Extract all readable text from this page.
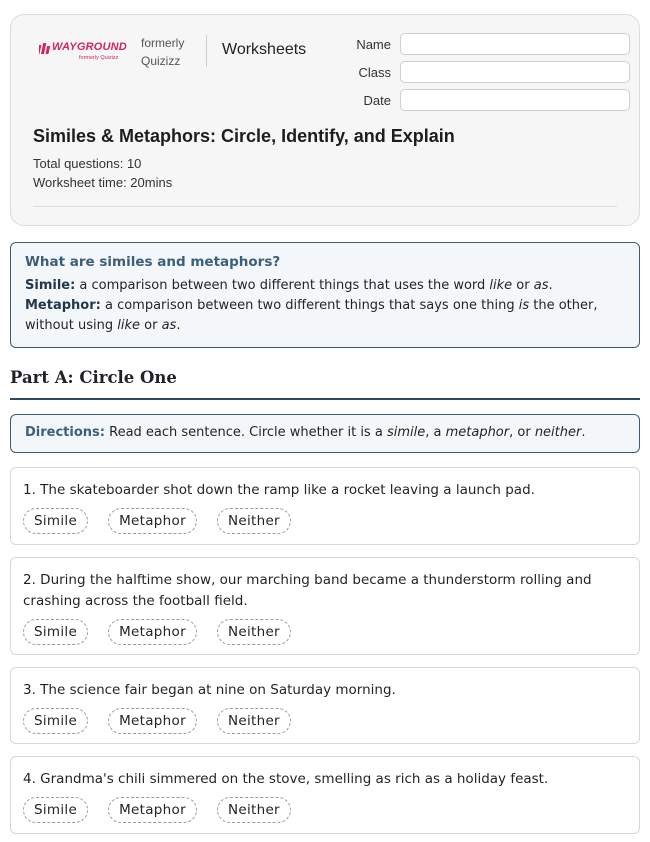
WAYGROUND
formerly Quizizz
formerly
Quizizz
Worksheets	Name
Class
Date
Similes & Metaphors: Circle, Identify, and Explain
Total questions: 10
Worksheet time: 20mins

What are similes and metaphors?

Simile: a comparison between two different things that uses the word like or as.

Metaphor: a comparison between two different things that says one thing is the other, without using like or as.

Part A: Circle One
Directions: Read each sentence. Circle whether it is a simile, a metaphor, or neither.

1. The skateboarder shot down the ramp like a rocket leaving a launch pad.

Simile	Metaphor	Neither

2. During the halftime show, our marching band became a thunderstorm rolling and crashing across the football field.

Simile	Metaphor	Neither

3. The science fair began at nine on Saturday morning.

Simile	Metaphor	Neither

4. Grandma's chili simmered on the stove, smelling as rich as a holiday feast.

Simile	Metaphor	Neither
